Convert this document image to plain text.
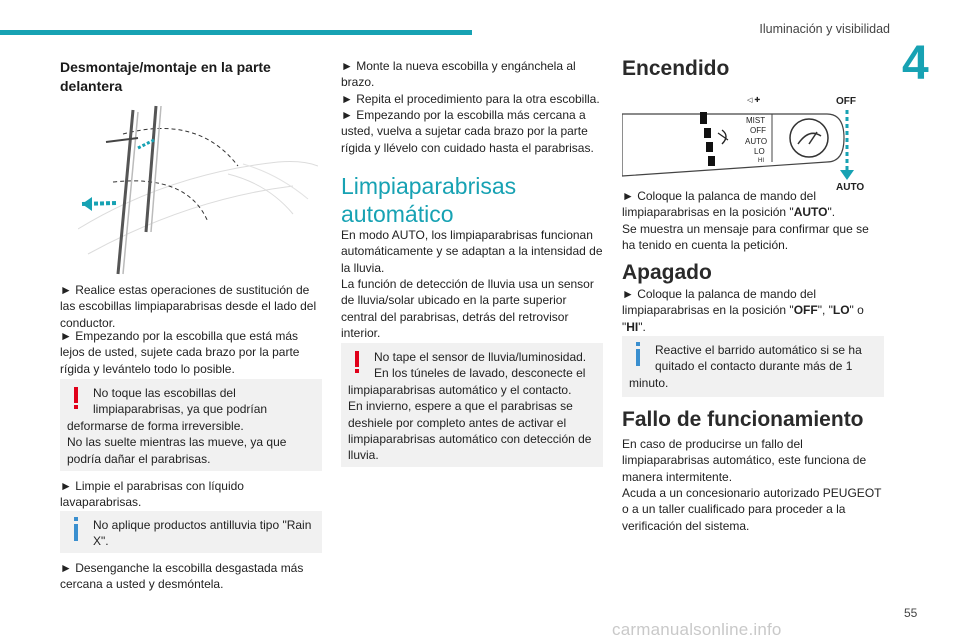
Iluminación y visibilidad
4
Desmontaje/montaje en la parte delantera

► Realice estas operaciones de sustitución de las escobillas limpiaparabrisas desde el lado del conductor.

► Empezando por la escobilla que está más lejos de usted, sujete cada brazo por la parte rígida y levántelo todo lo posible.

No toque las escobillas del limpiaparabrisas, ya que podrían deformarse de forma irreversible.

No las suelte mientras las mueve, ya que podría dañar el parabrisas.

► Limpie el parabrisas con líquido lavaparabrisas.

No aplique productos antilluvia tipo "Rain X".

► Desenganche la escobilla desgastada más cercana a usted y desmóntela.

► Monte la nueva escobilla y engánchela al brazo.

► Repita el procedimiento para la otra escobilla.

► Empezando por la escobilla más cercana a usted, vuelva a sujetar cada brazo por la parte rígida y llévelo con cuidado hasta el parabrisas.

Limpiaparabrisas automático

En modo AUTO, los limpiaparabrisas funcionan automáticamente y se adaptan a la intensidad de la lluvia.

La función de detección de lluvia usa un sensor de lluvia/solar ubicado en la parte superior central del parabrisas, detrás del retrovisor interior.

No tape el sensor de lluvia/luminosidad.

En los túneles de lavado, desconecte el limpiaparabrisas automático y el contacto.

En invierno, espere a que el parabrisas se deshiele por completo antes de activar el limpiaparabrisas automático con detección de lluvia.

Encendido
◁ ✚
MIST
OFF
AUTO
LO
HI
OFF
AUTO

► Coloque la palanca de mando del limpiaparabrisas en la posición "AUTO".

Se muestra un mensaje para confirmar que se ha tenido en cuenta la petición.

Apagado

► Coloque la palanca de mando del limpiaparabrisas en la posición "OFF", "LO" o "HI".

Reactive el barrido automático si se ha quitado el contacto durante más de 1 minuto.

Fallo de funcionamiento

En caso de producirse un fallo del limpiaparabrisas automático, este funciona de manera intermitente.

Acuda a un concesionario autorizado PEUGEOT o a un taller cualificado para proceder a la verificación del sistema.

55
carmanualsonline.info
